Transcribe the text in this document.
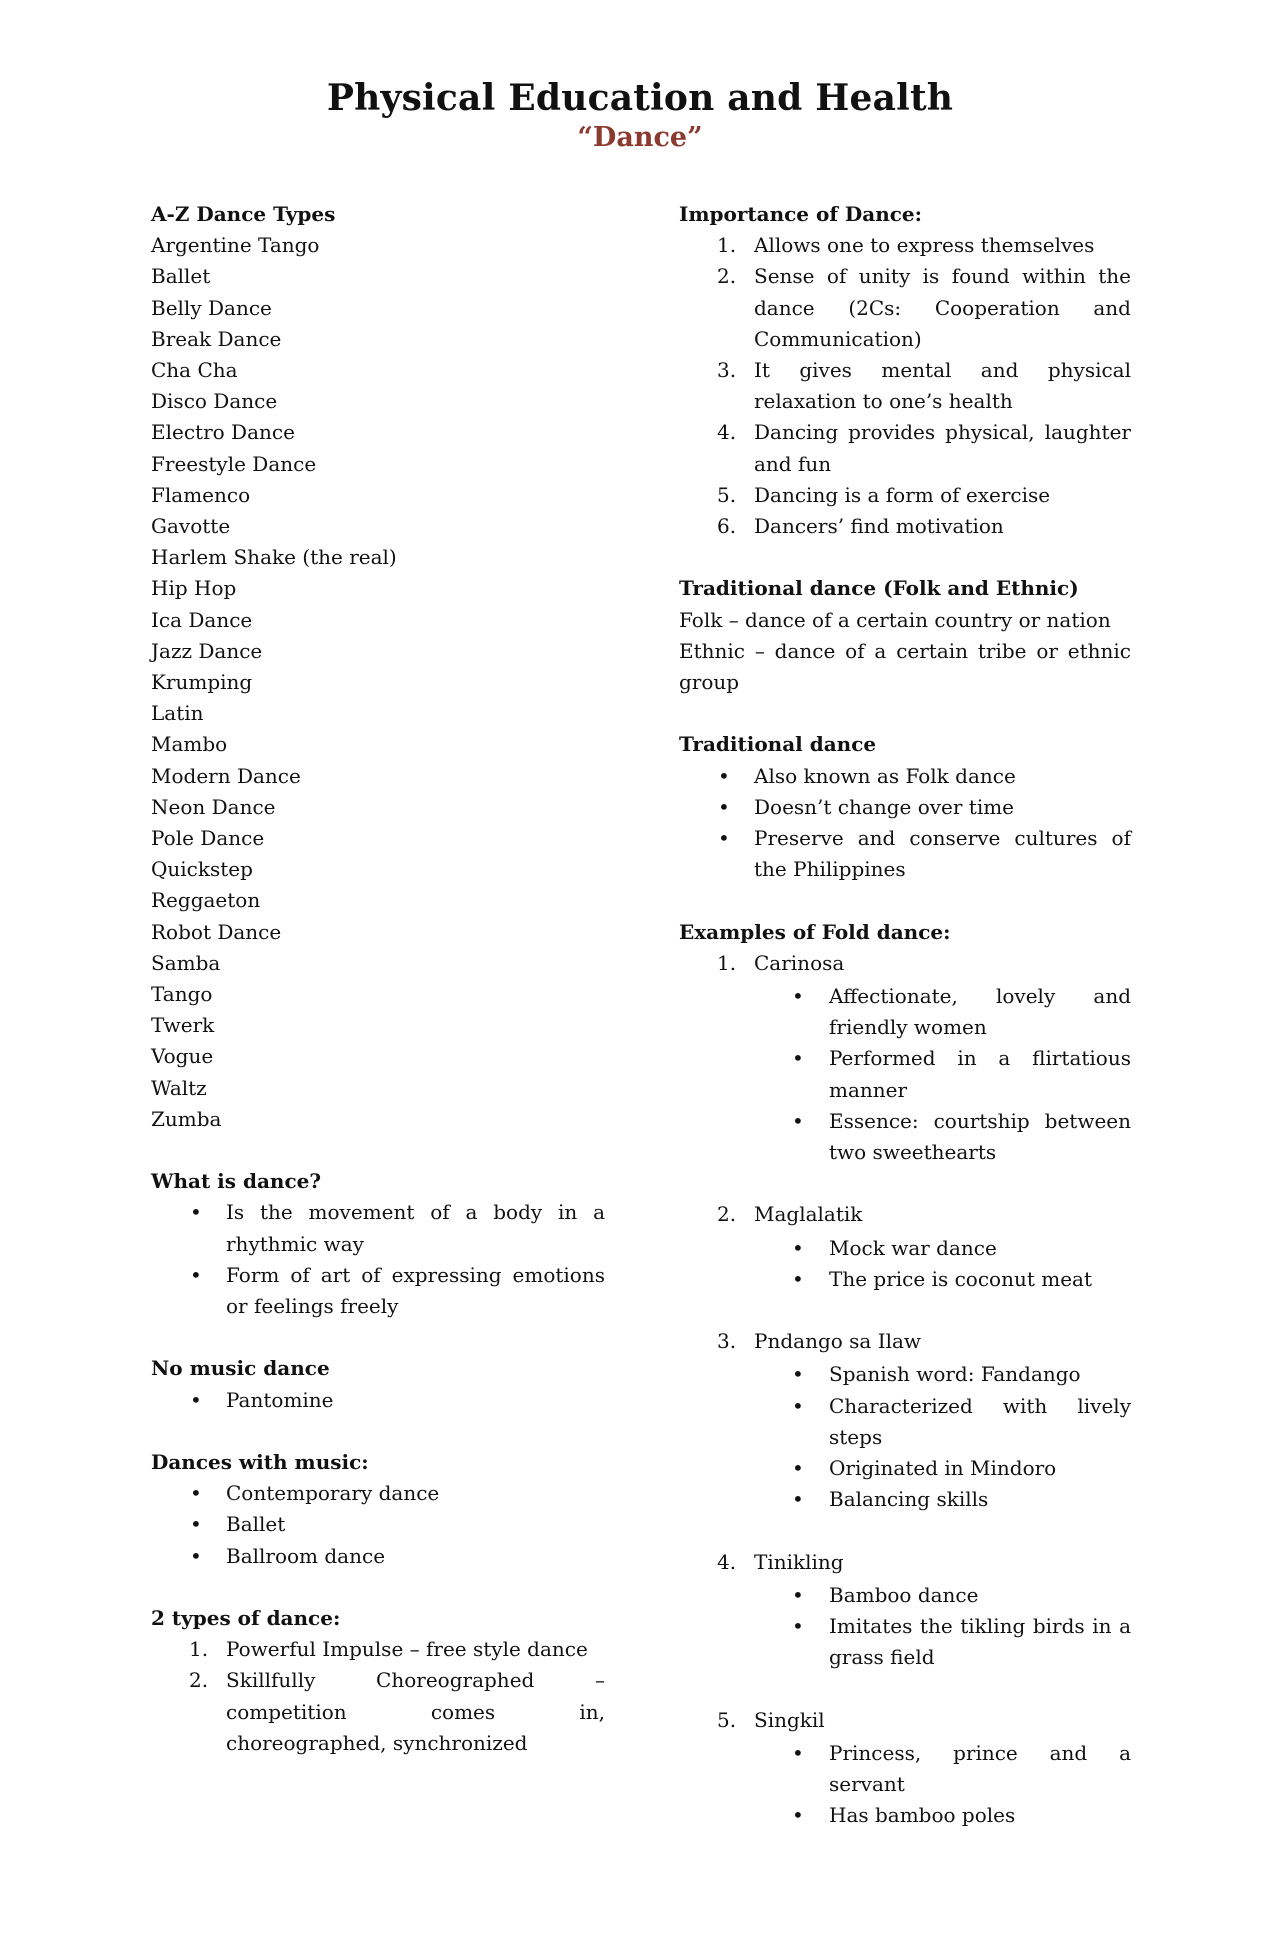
Physical Education and Health
“Dance”
A-Z Dance Types
Argentine Tango
Ballet
Belly Dance
Break Dance
Cha Cha
Disco Dance
Electro Dance
Freestyle Dance
Flamenco
Gavotte
Harlem Shake (the real)
Hip Hop
Ica Dance
Jazz Dance
Krumping
Latin
Mambo
Modern Dance
Neon Dance
Pole Dance
Quickstep
Reggaeton
Robot Dance
Samba
Tango
Twerk
Vogue
Waltz
Zumba
What is dance?
• Is the movement of a body in a rhythmic way
• Form of art of expressing emotions or feelings freely
No music dance
• Pantomine
Dances with music:
• Contemporary dance
• Ballet
• Ballroom dance
2 types of dance:
1. Powerful Impulse – free style dance
2. Skillfully Choreographed – competition comes in, choreographed, synchronized
Importance of Dance:
1. Allows one to express themselves
2. Sense of unity is found within the dance (2Cs: Cooperation and Communication)
3. It gives mental and physical relaxation to one’s health
4. Dancing provides physical, laughter and fun
5. Dancing is a form of exercise
6. Dancers’ find motivation
Traditional dance (Folk and Ethnic)
Folk – dance of a certain country or nation
Ethnic – dance of a certain tribe or ethnic group
Traditional dance
• Also known as Folk dance
• Doesn’t change over time
• Preserve and conserve cultures of the Philippines
Examples of Fold dance:
1. Carinosa
• Affectionate, lovely and friendly women
• Performed in a flirtatious manner
• Essence: courtship between two sweethearts
2. Maglalatik
• Mock war dance
• The price is coconut meat
3. Pndango sa Ilaw
• Spanish word: Fandango
• Characterized with lively steps
• Originated in Mindoro
• Balancing skills
4. Tinikling
• Bamboo dance
• Imitates the tikling birds in a grass field
5. Singkil
• Princess, prince and a servant
• Has bamboo poles
